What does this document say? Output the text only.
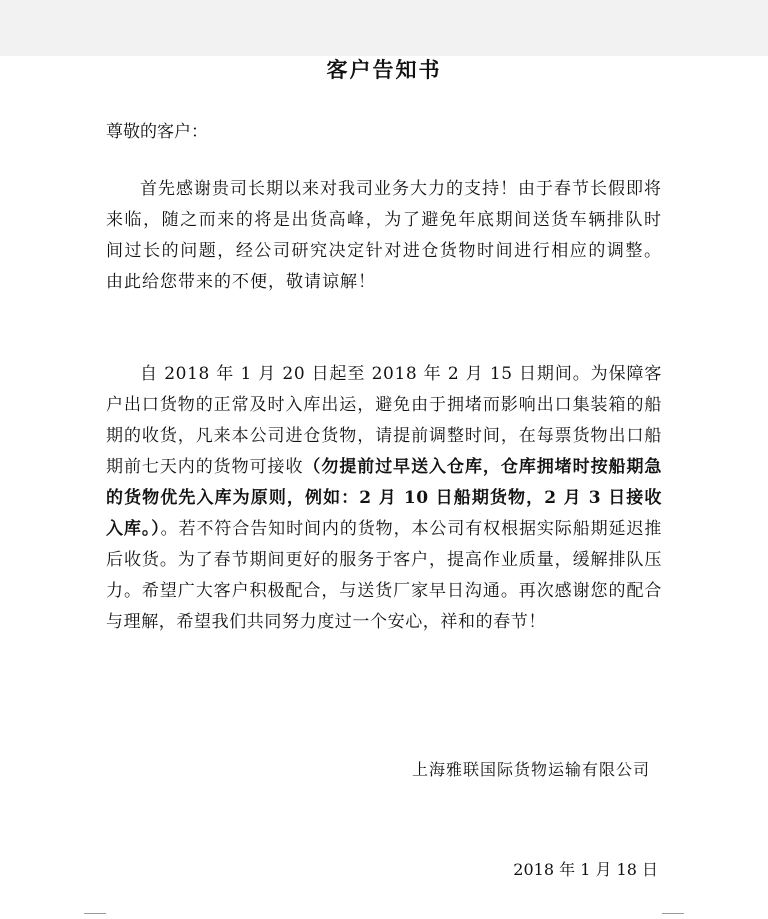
客户告知书
尊敬的客户：

首先感谢贵司长期以来对我司业务大力的支持！由于春节长假即将来临，随之而来的将是出货高峰，为了避免年底期间送货车辆排队时间过长的问题，经公司研究决定针对进仓货物时间进行相应的调整。由此给您带来的不便，敬请谅解！

自 2018 年 1 月 20 日起至 2018 年 2 月 15 日期间。为保障客户出口货物的正常及时入库出运，避免由于拥堵而影响出口集装箱的船期的收货，凡来本公司进仓货物，请提前调整时间，在每票货物出口船期前七天内的货物可接收（勿提前过早送入仓库，仓库拥堵时按船期急的货物优先入库为原则，例如：2 月 10 日船期货物，2 月 3 日接收入库。）。若不符合告知时间内的货物，本公司有权根据实际船期延迟推后收货。为了春节期间更好的服务于客户，提高作业质量，缓解排队压力。希望广大客户积极配合，与送货厂家早日沟通。再次感谢您的配合与理解，希望我们共同努力度过一个安心，祥和的春节！

上海雅联国际货物运输有限公司
2018 年 1 月 18 日
